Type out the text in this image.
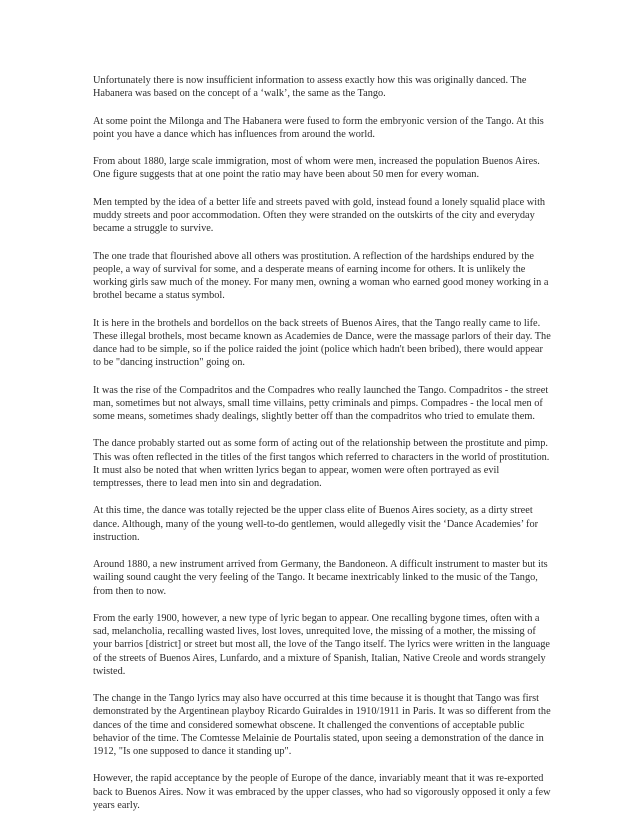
Unfortunately there is now insufficient information to assess exactly how this was originally danced. The Habanera was based on the concept of a ‘walk’, the same as the Tango.

At some point the Milonga and The Habanera were fused to form the embryonic version of the Tango. At this point you have a dance which has influences from around the world.

From about 1880, large scale immigration, most of whom were men, increased the population Buenos Aires. One figure suggests that at one point the ratio may have been about 50 men for every woman.

Men tempted by the idea of a better life and streets paved with gold, instead found a lonely squalid place with muddy streets and poor accommodation. Often they were stranded on the outskirts of the city and everyday became a struggle to survive.

The one trade that flourished above all others was prostitution. A reflection of the hardships endured by the people, a way of survival for some, and a desperate means of earning income for others. It is unlikely the working girls saw much of the money. For many men, owning a woman who earned good money working in a brothel became a status symbol.

It is here in the brothels and bordellos on the back streets of Buenos Aires, that the Tango really came to life. These illegal brothels, most became known as Academies de Dance, were the massage parlors of their day. The dance had to be simple, so if the police raided the joint (police which hadn't been bribed), there would appear to be "dancing instruction" going on.

It was the rise of the Compadritos and the Compadres who really launched the Tango. Compadritos - the street man, sometimes but not always, small time villains, petty criminals and pimps. Compadres - the local men of some means, sometimes shady dealings, slightly better off than the compadritos who tried to emulate them.

The dance probably started out as some form of acting out of the relationship between the prostitute and pimp. This was often reflected in the titles of the first tangos which referred to characters in the world of prostitution. It must also be noted that when written lyrics began to appear, women were often portrayed as evil temptresses, there to lead men into sin and degradation.

At this time, the dance was totally rejected be the upper class elite of Buenos Aires society, as a dirty street dance. Although, many of the young well-to-do gentlemen, would allegedly visit the ‘Dance Academies’ for instruction.

Around 1880, a new instrument arrived from Germany, the Bandoneon. A difficult instrument to master but its wailing sound caught the very feeling of the Tango. It became inextricably linked to the music of the Tango, from then to now.

From the early 1900, however, a new type of lyric began to appear. One recalling bygone times, often with a sad, melancholia, recalling wasted lives, lost loves, unrequited love, the missing of a mother, the missing of your barrios [district] or street but most all, the love of the Tango itself. The lyrics were written in the language of the streets of Buenos Aires, Lunfardo, and a mixture of Spanish, Italian, Native Creole and words strangely twisted.

The change in the Tango lyrics may also have occurred at this time because it is thought that Tango was first demonstrated by the Argentinean playboy Ricardo Guiraldes in 1910/1911 in Paris. It was so different from the dances of the time and considered somewhat obscene. It challenged the conventions of acceptable public behavior of the time. The Comtesse Melainie de Pourtalis stated, upon seeing a demonstration of the dance in 1912, "Is one supposed to dance it standing up".

However, the rapid acceptance by the people of Europe of the dance, invariably meant that it was re-exported back to Buenos Aires. Now it was embraced by the upper classes, who had so vigorously opposed it only a few years early.
